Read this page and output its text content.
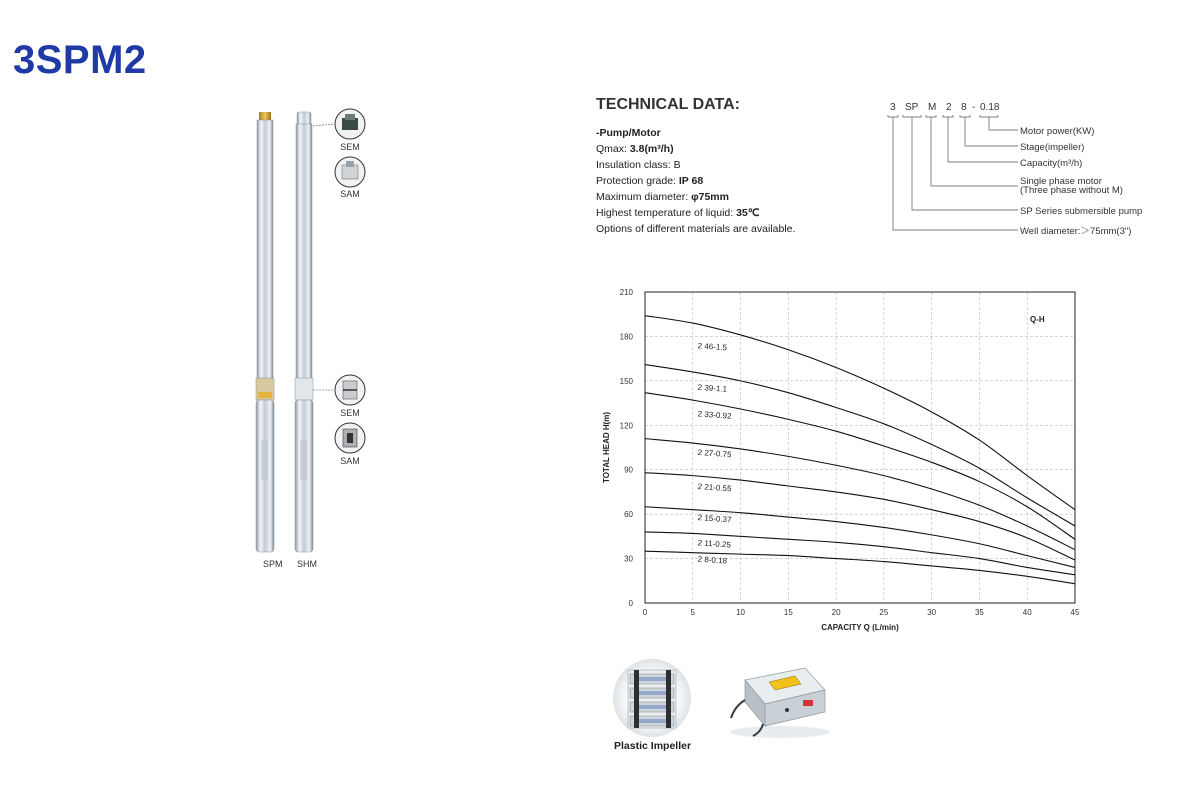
3SPM2
SPM SHM
SEM
SAM
SEM
SAM
TECHNICAL DATA:
-Pump/Motor
Qmax: 3.8(m³/h)
Insulation class: B
Protection grade: IP 68
Maximum diameter: φ75mm
Highest temperature of liquid: 35℃
Options of different materials are available.
3 SP M 2 8 - 0.18
Motor power(KW)
Stage(impeller)
Capacity(m³/h)
Single phase motor
(Three phase without M)
SP Series submersible pump
Well diameter:＞75mm(3")
0
30
60
90
120
150
180
210
0	5	10	15	20	25	30	35	40	45
2 46-1.5
2 39-1.1
2 33-0.92
2 27-0.75
2 21-0.55
2 15-0.37
2 11-0.25
2 8-0.18
Q-H
CAPACITY Q (L/min)
TOTAL HEAD H(m)
Plastic Impeller
